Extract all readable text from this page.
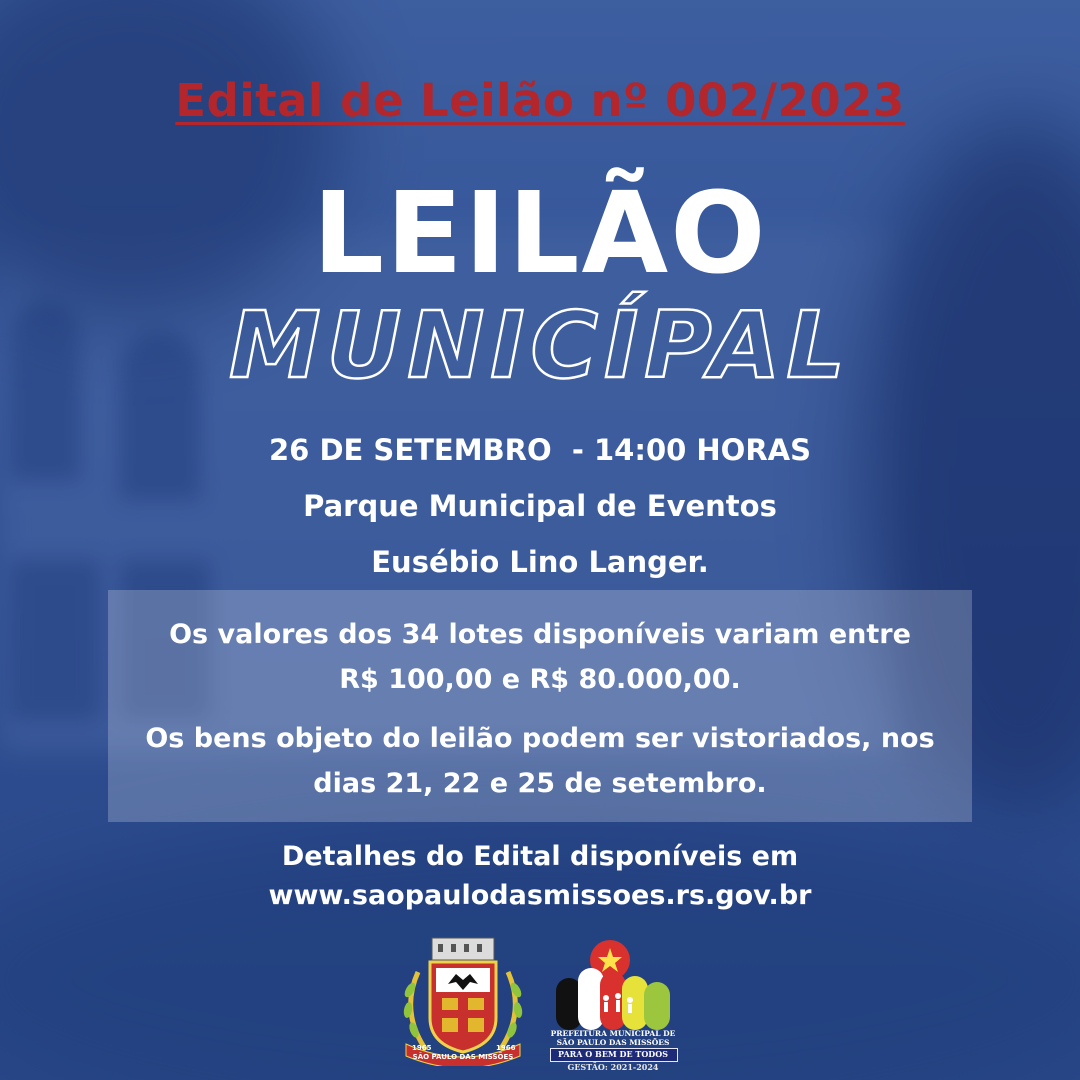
Edital de Leilão nº 002/2023
LEILÃO
MUNICÍPAL
26 DE SETEMBRO  - 14:00 HORAS
Parque Municipal de Eventos
Eusébio Lino Langer.

Os valores dos 34 lotes disponíveis variam entre

R$ 100,00 e R$ 80.000,00.

Os bens objeto do leilão podem ser vistoriados, nos

dias 21, 22 e 25 de setembro.

Detalhes do Edital disponíveis em
www.saopaulodasmissoes.rs.gov.br
SÃO PAULO DAS MISSÕES
1965	1966
PREFEITURA MUNICIPAL DE
SÃO PAULO DAS MISSÕES
PARA O BEM DE TODOS
GESTÃO: 2021-2024
